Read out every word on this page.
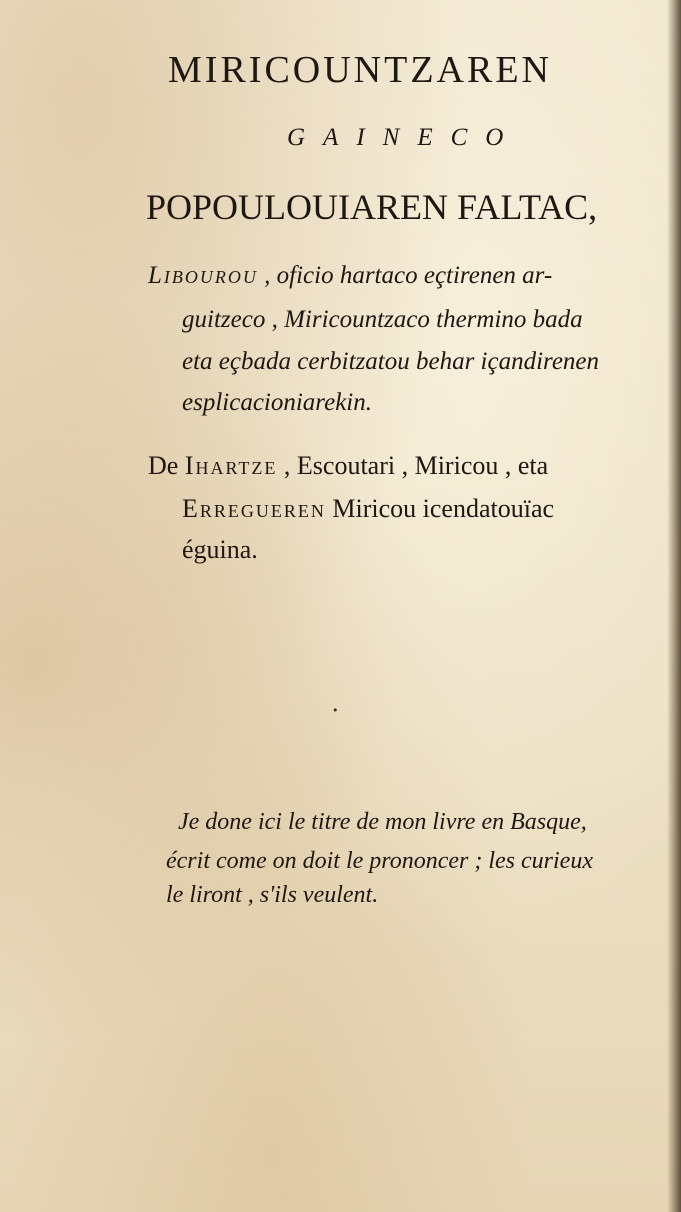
MIRICOUNTZAREN
GAINECO
POPOULOUIAREN FALTAC,
Libourou , oficio hartaco eçtirenen ar-
guitzeco , Miricountzaco thermino bada
eta eçbada cerbitzatou behar içandirenen
esplicacioniarekin.
De Ihartze , Escoutari , Miricou , eta
Erregueren Miricou icendatouïac
éguina.
•
Je done ici le titre de mon livre en Basque,
écrit come on doit le prononcer ; les curieux
le liront , s'ils veulent.
